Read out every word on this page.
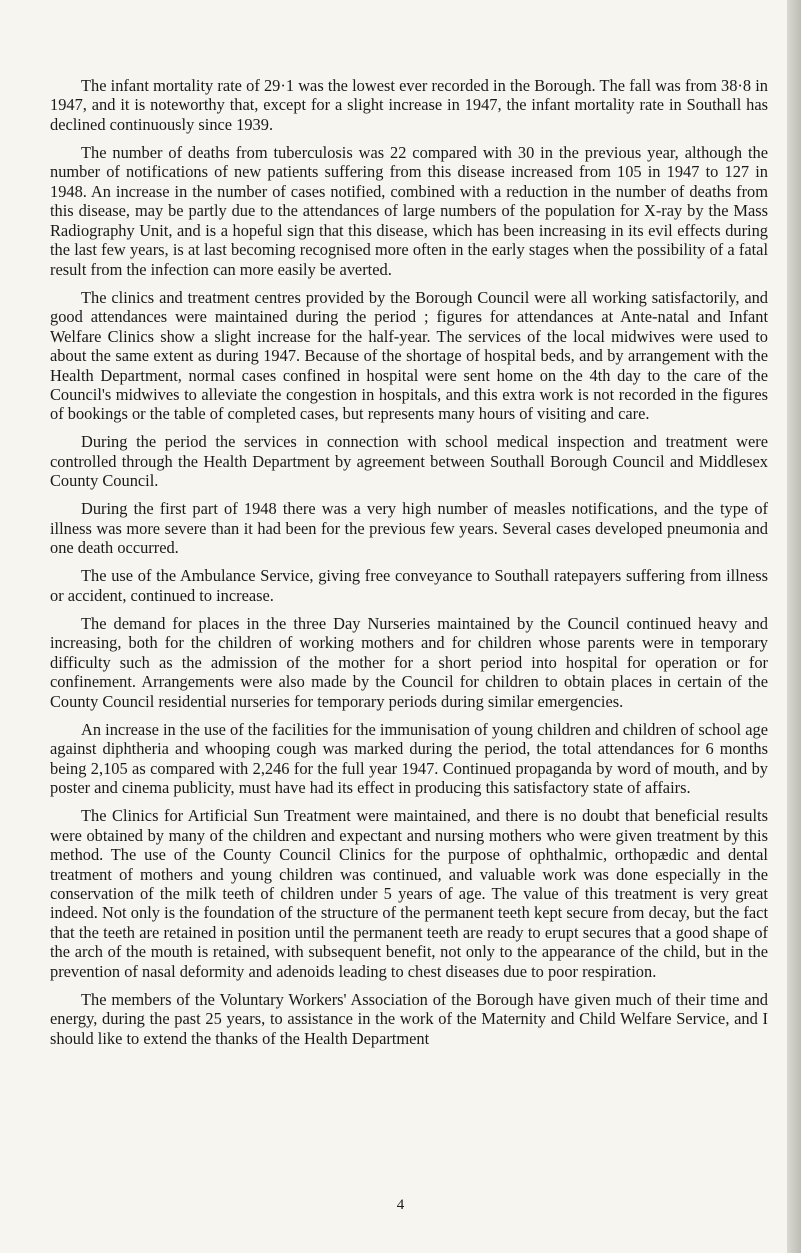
The infant mortality rate of 29·1 was the lowest ever recorded in the Borough. The fall was from 38·8 in 1947, and it is noteworthy that, except for a slight increase in 1947, the infant mortality rate in Southall has declined continuously since 1939.

The number of deaths from tuberculosis was 22 compared with 30 in the previous year, although the number of notifications of new patients suffering from this disease increased from 105 in 1947 to 127 in 1948. An increase in the number of cases notified, combined with a reduction in the number of deaths from this disease, may be partly due to the attendances of large numbers of the population for X-ray by the Mass Radiography Unit, and is a hopeful sign that this disease, which has been increasing in its evil effects during the last few years, is at last becoming recognised more often in the early stages when the possibility of a fatal result from the infection can more easily be averted.

The clinics and treatment centres provided by the Borough Council were all working satisfactorily, and good attendances were maintained during the period ; figures for attendances at Ante-natal and Infant Welfare Clinics show a slight increase for the half-year. The services of the local midwives were used to about the same extent as during 1947. Because of the shortage of hospital beds, and by arrangement with the Health Department, normal cases confined in hospital were sent home on the 4th day to the care of the Council's midwives to alleviate the congestion in hospitals, and this extra work is not recorded in the figures of bookings or the table of completed cases, but represents many hours of visiting and care.

During the period the services in connection with school medical inspection and treatment were controlled through the Health Department by agreement between Southall Borough Council and Middlesex County Council.

During the first part of 1948 there was a very high number of measles notifications, and the type of illness was more severe than it had been for the previous few years. Several cases developed pneumonia and one death occurred.

The use of the Ambulance Service, giving free conveyance to Southall ratepayers suffering from illness or accident, continued to increase.

The demand for places in the three Day Nurseries maintained by the Council continued heavy and increasing, both for the children of working mothers and for children whose parents were in temporary difficulty such as the admission of the mother for a short period into hospital for operation or for confinement. Arrangements were also made by the Council for children to obtain places in certain of the County Council residential nurseries for temporary periods during similar emergencies.

An increase in the use of the facilities for the immunisation of young children and children of school age against diphtheria and whooping cough was marked during the period, the total attendances for 6 months being 2,105 as compared with 2,246 for the full year 1947. Continued propaganda by word of mouth, and by poster and cinema publicity, must have had its effect in producing this satisfactory state of affairs.

The Clinics for Artificial Sun Treatment were maintained, and there is no doubt that beneficial results were obtained by many of the children and expectant and nursing mothers who were given treatment by this method. The use of the County Council Clinics for the purpose of ophthalmic, orthopædic and dental treatment of mothers and young children was continued, and valuable work was done especially in the conservation of the milk teeth of children under 5 years of age. The value of this treatment is very great indeed. Not only is the foundation of the structure of the permanent teeth kept secure from decay, but the fact that the teeth are retained in position until the permanent teeth are ready to erupt secures that a good shape of the arch of the mouth is retained, with subsequent benefit, not only to the appearance of the child, but in the prevention of nasal deformity and adenoids leading to chest diseases due to poor respiration.

The members of the Voluntary Workers' Association of the Borough have given much of their time and energy, during the past 25 years, to assistance in the work of the Maternity and Child Welfare Service, and I should like to extend the thanks of the Health Department

4
